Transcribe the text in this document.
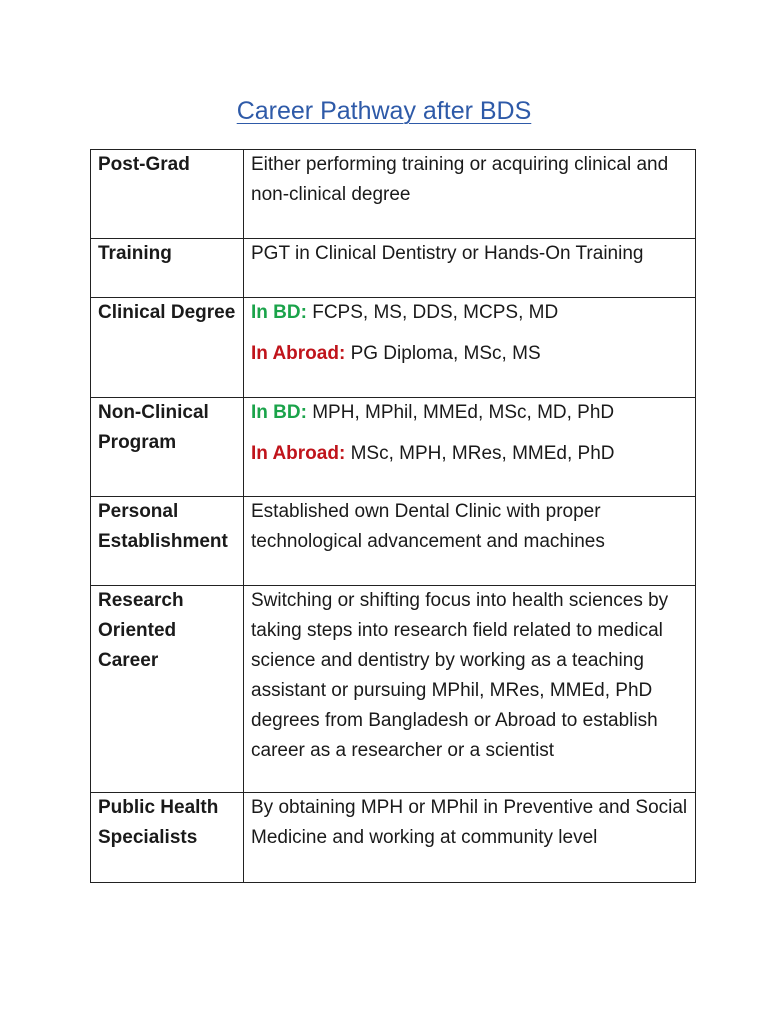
Career Pathway after BDS
Post-Grad	Either performing training or acquiring clinical and non-clinical degree
Training	PGT in Clinical Dentistry or Hands-On Training
Clinical Degree	In BD: FCPS, MS, DDS, MCPS, MD
In Abroad: PG Diploma, MSc, MS

Non-Clinical Program	In BD: MPH, MPhil, MMEd, MSc, MD, PhD
In Abroad: MSc, MPH, MRes, MMEd, PhD

Personal Establishment	Established own Dental Clinic with proper technological advancement and machines
Research Oriented Career	Switching or shifting focus into health sciences by taking steps into research field related to medical science and dentistry by working as a teaching assistant or pursuing MPhil, MRes, MMEd, PhD degrees from Bangladesh or Abroad to establish career as a researcher or a scientist
Public Health Specialists	By obtaining MPH or MPhil in Preventive and Social Medicine and working at community level
